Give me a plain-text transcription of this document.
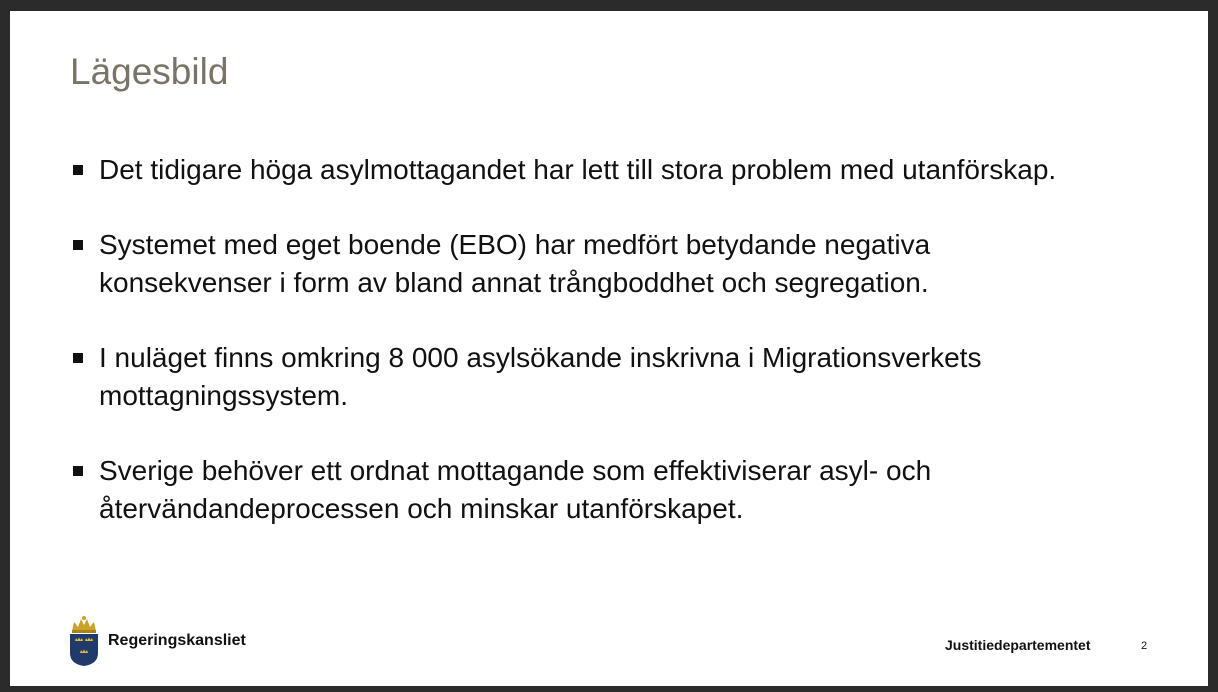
Lägesbild
Det tidigare höga asylmottagandet har lett till stora problem med utanförskap.
Systemet med eget boende (EBO) har medfört betydande negativa konsekvenser i form av bland annat trångboddhet och segregation.
I nuläget finns omkring 8 000 asylsökande inskrivna i Migrationsverkets mottagningssystem.
Sverige behöver ett ordnat mottagande som effektiviserar asyl- och återvändandeprocessen och minskar utanförskapet.
Regeringskansliet	Justitiedepartementet	2
